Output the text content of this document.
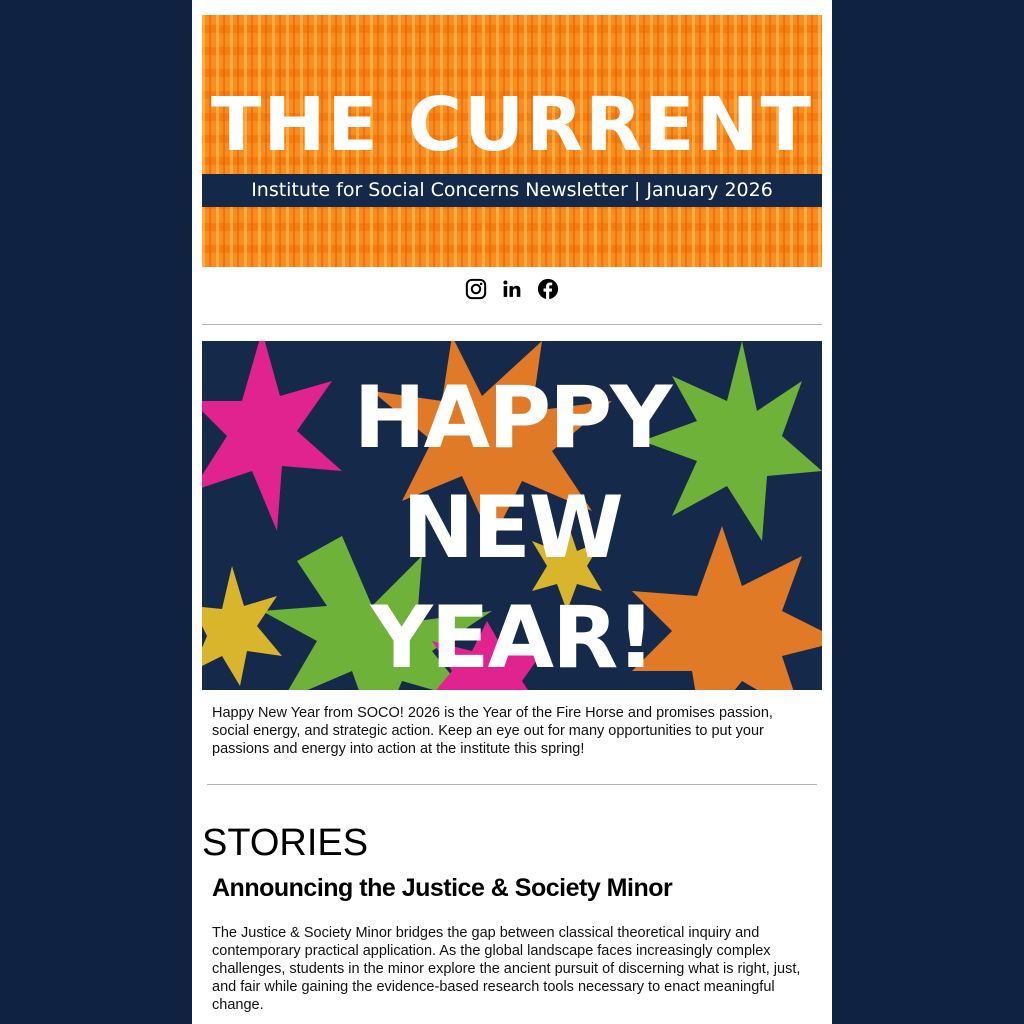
THE CURRENT
Institute for Social Concerns Newsletter | January 2026
HAPPY
NEW
YEAR!
Happy New Year from SOCO! 2026 is the Year of the Fire Horse and promises passion, social energy, and strategic action. Keep an eye out for many opportunities to put your passions and energy into action at the institute this spring!
STORIES
Announcing the Justice & Society Minor
The Justice & Society Minor bridges the gap between classical theoretical inquiry and contemporary practical application. As the global landscape faces increasingly complex challenges, students in the minor explore the ancient pursuit of discerning what is right, just, and fair while gaining the evidence-based research tools necessary to enact meaningful change.
